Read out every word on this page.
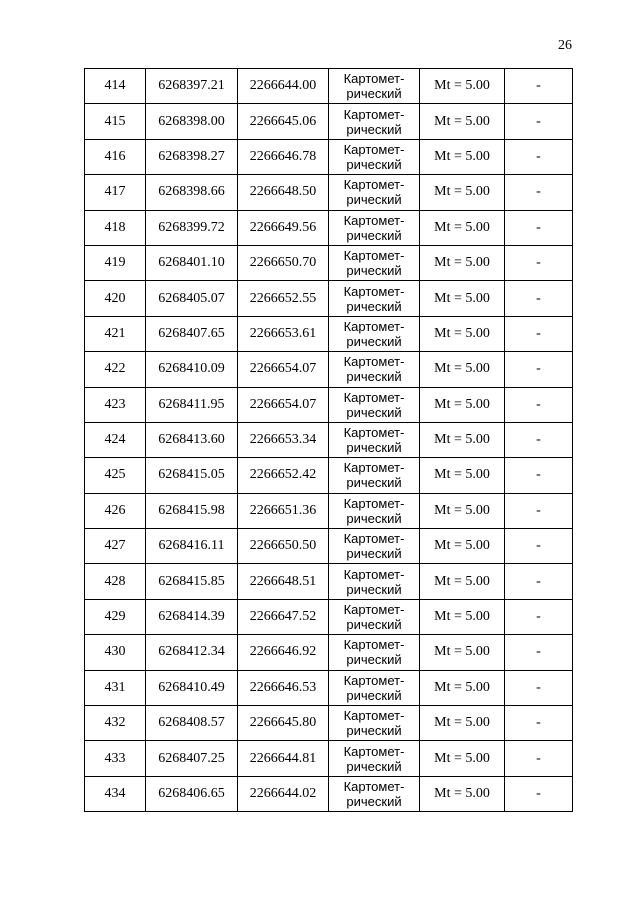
26
414	6268397.21	2266644.00	Картомет-
рический	Mt = 5.00	-
415	6268398.00	2266645.06	Картомет-
рический	Mt = 5.00	-
416	6268398.27	2266646.78	Картомет-
рический	Mt = 5.00	-
417	6268398.66	2266648.50	Картомет-
рический	Mt = 5.00	-
418	6268399.72	2266649.56	Картомет-
рический	Mt = 5.00	-
419	6268401.10	2266650.70	Картомет-
рический	Mt = 5.00	-
420	6268405.07	2266652.55	Картомет-
рический	Mt = 5.00	-
421	6268407.65	2266653.61	Картомет-
рический	Mt = 5.00	-
422	6268410.09	2266654.07	Картомет-
рический	Mt = 5.00	-
423	6268411.95	2266654.07	Картомет-
рический	Mt = 5.00	-
424	6268413.60	2266653.34	Картомет-
рический	Mt = 5.00	-
425	6268415.05	2266652.42	Картомет-
рический	Mt = 5.00	-
426	6268415.98	2266651.36	Картомет-
рический	Mt = 5.00	-
427	6268416.11	2266650.50	Картомет-
рический	Mt = 5.00	-
428	6268415.85	2266648.51	Картомет-
рический	Mt = 5.00	-
429	6268414.39	2266647.52	Картомет-
рический	Mt = 5.00	-
430	6268412.34	2266646.92	Картомет-
рический	Mt = 5.00	-
431	6268410.49	2266646.53	Картомет-
рический	Mt = 5.00	-
432	6268408.57	2266645.80	Картомет-
рический	Mt = 5.00	-
433	6268407.25	2266644.81	Картомет-
рический	Mt = 5.00	-
434	6268406.65	2266644.02	Картомет-
рический	Mt = 5.00	-
